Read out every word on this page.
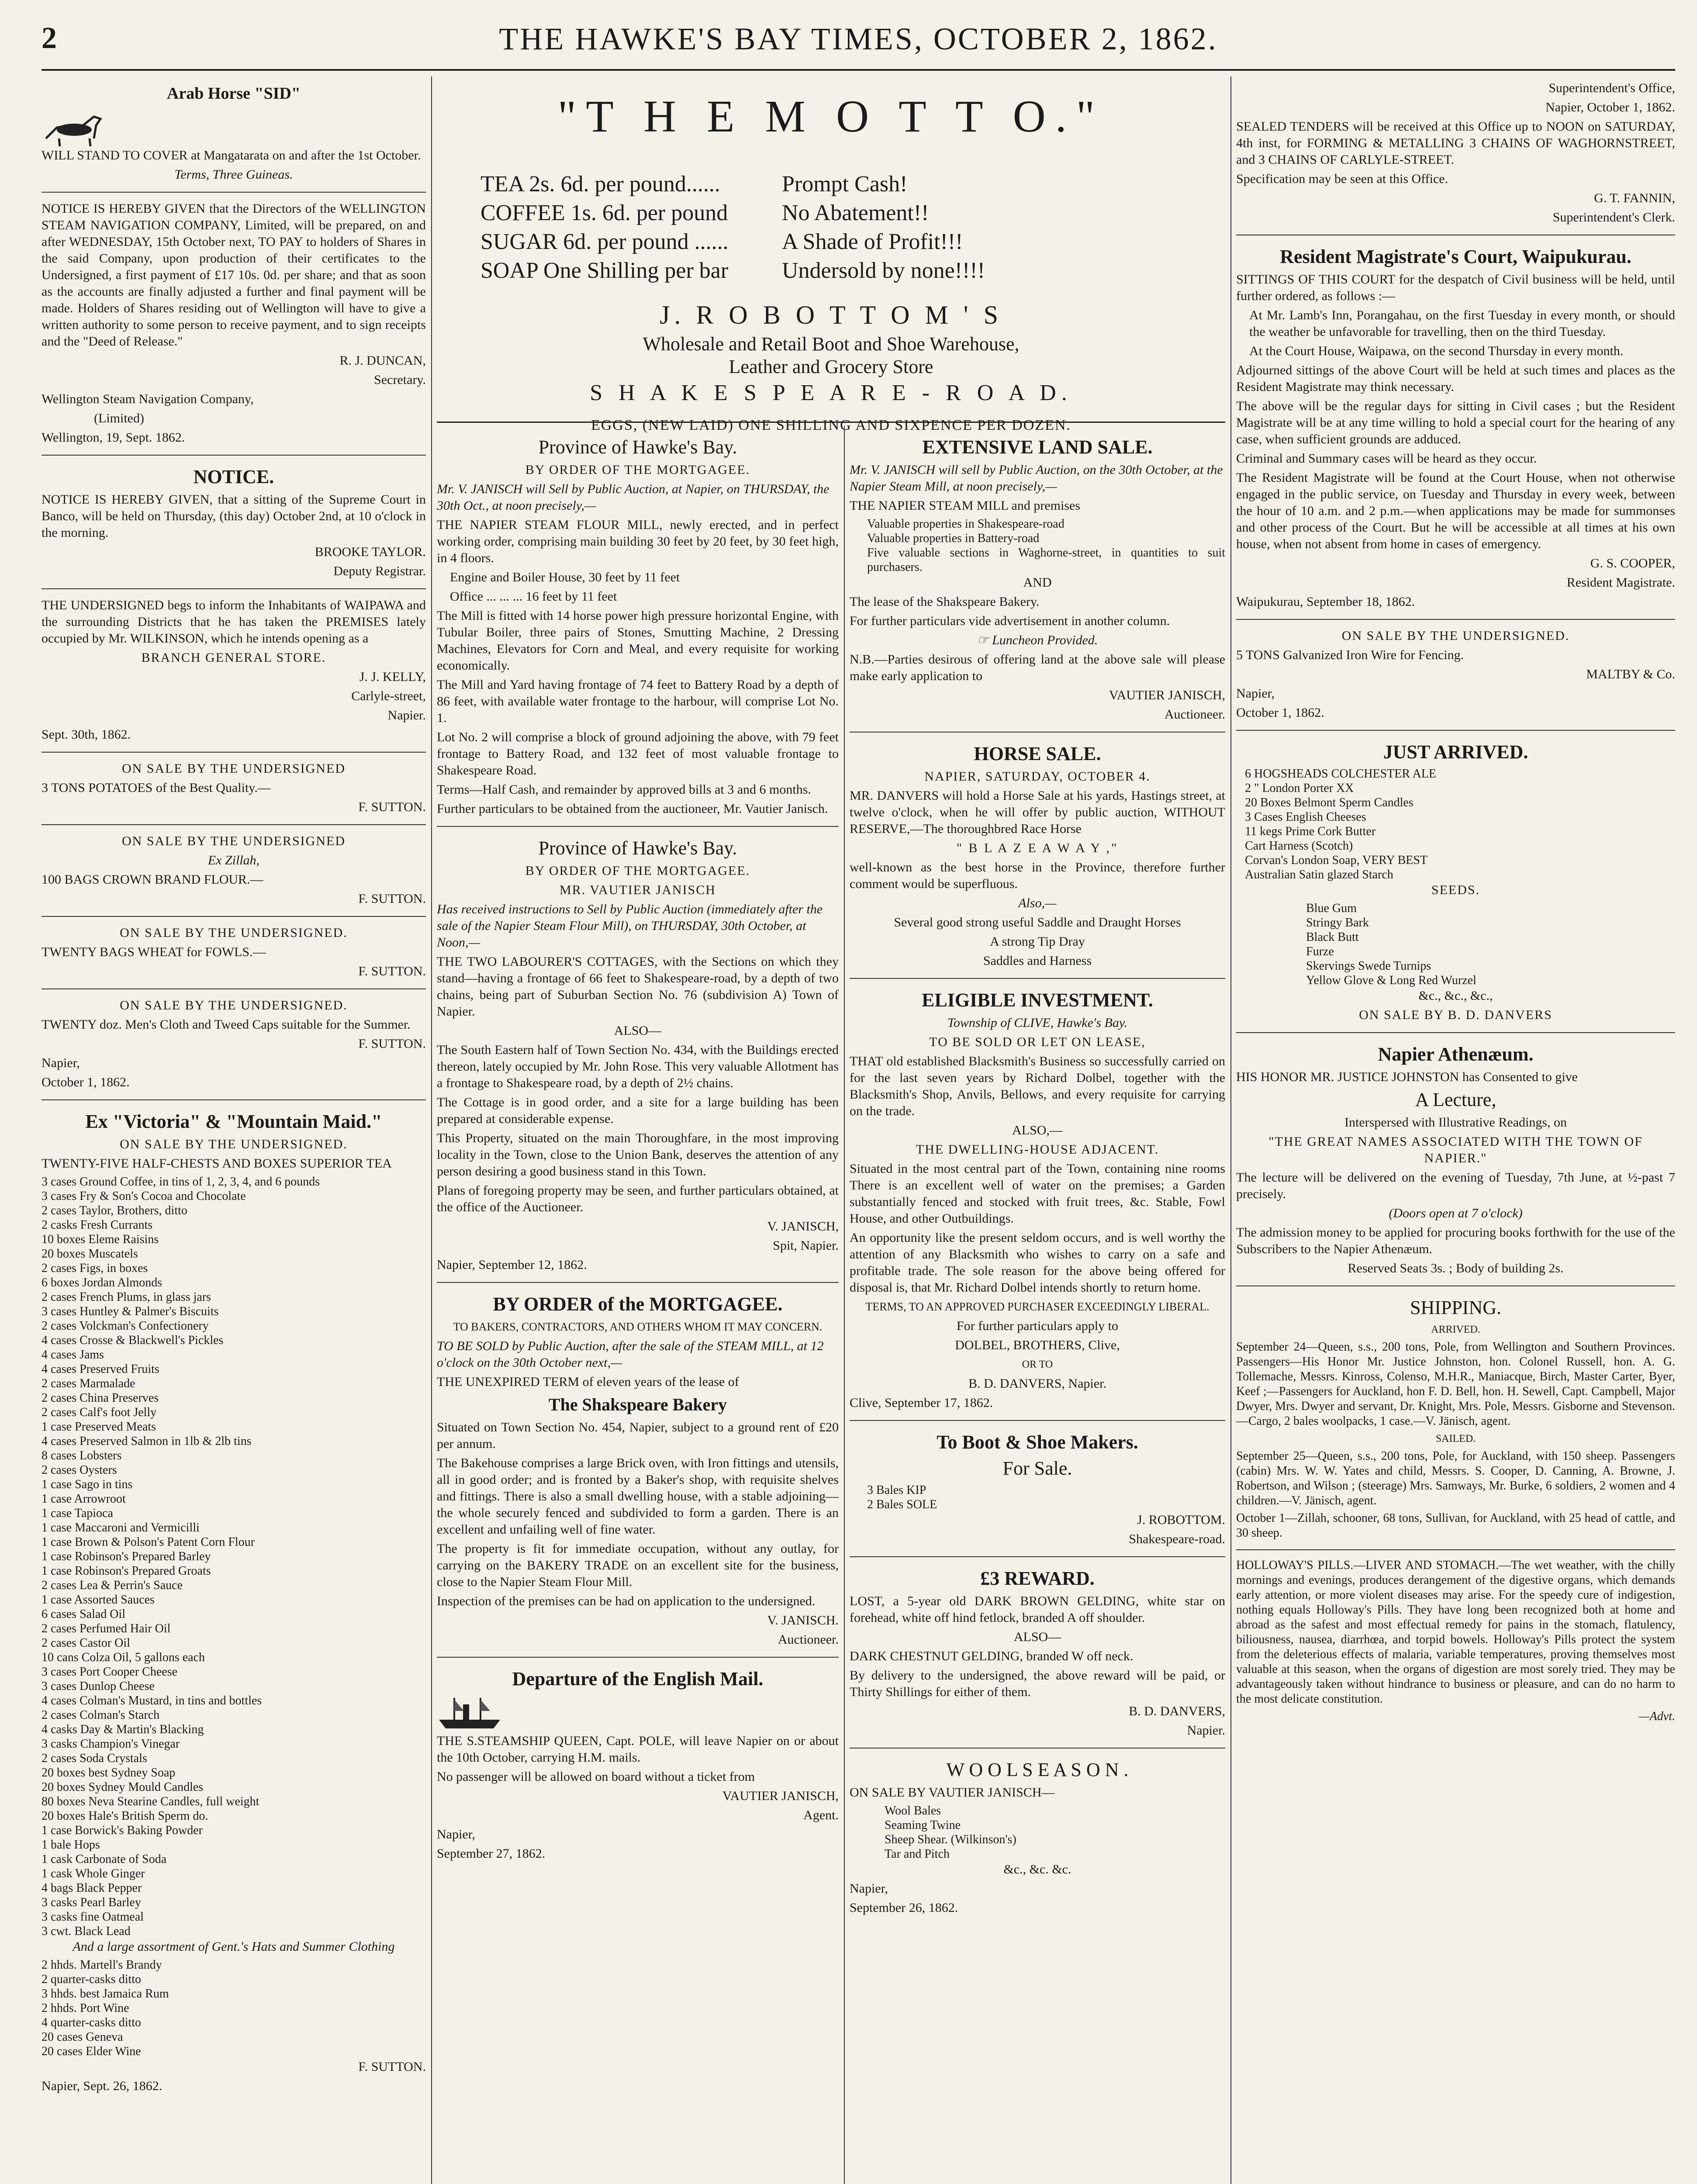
2	THE HAWKE'S BAY TIMES, OCTOBER 2, 1862.
Arab Horse "SID"

WILL STAND TO COVER at Mangatarata on and after the 1st October.

Terms, Three Guineas.

NOTICE IS HEREBY GIVEN that the Directors of the WELLINGTON STEAM NAVIGATION COMPANY, Limited, will be prepared, on and after WEDNESDAY, 15th October next, TO PAY to holders of Shares in the said Company, upon production of their certificates to the Undersigned, a first payment of £17 10s. 0d. per share; and that as soon as the accounts are finally adjusted a further and final payment will be made. Holders of Shares residing out of Wellington will have to give a written authority to some person to receive payment, and to sign receipts and the "Deed of Release."

R. J. DUNCAN,

Secretary.

Wellington Steam Navigation Company,

(Limited)

Wellington, 19, Sept. 1862.

NOTICE.

NOTICE IS HEREBY GIVEN, that a sitting of the Supreme Court in Banco, will be held on Thursday, (this day) October 2nd, at 10 o'clock in the morning.

BROOKE TAYLOR.

Deputy Registrar.

THE UNDERSIGNED begs to inform the Inhabitants of WAIPAWA and the surrounding Districts that he has taken the PREMISES lately occupied by Mr. WILKINSON, which he intends opening as a

BRANCH GENERAL STORE.

J. J. KELLY,

Carlyle-street,

Napier.

Sept. 30th, 1862.

ON SALE BY THE UNDERSIGNED

3 TONS POTATOES of the Best Quality.—

F. SUTTON.

ON SALE BY THE UNDERSIGNED

Ex Zillah,

100 BAGS CROWN BRAND FLOUR.—

F. SUTTON.

ON SALE BY THE UNDERSIGNED.

TWENTY BAGS WHEAT for FOWLS.—

F. SUTTON.

ON SALE BY THE UNDERSIGNED.

TWENTY doz. Men's Cloth and Tweed Caps suitable for the Summer.

F. SUTTON.

Napier,

October 1, 1862.

Ex "Victoria" & "Mountain Maid."

ON SALE BY THE UNDERSIGNED.

TWENTY-FIVE HALF-CHESTS AND BOXES SUPERIOR TEA

3 cases Ground Coffee, in tins of 1, 2, 3, 4, and 6 pounds
3 cases Fry & Son's Cocoa and Chocolate
2 cases Taylor, Brothers, ditto
2 casks Fresh Currants
10 boxes Eleme Raisins
20 boxes Muscatels
2 cases Figs, in boxes
6 boxes Jordan Almonds
2 cases French Plums, in glass jars
3 cases Huntley & Palmer's Biscuits
2 cases Volckman's Confectionery
4 cases Crosse & Blackwell's Pickles
4 cases Jams
4 cases Preserved Fruits
2 cases Marmalade
2 cases China Preserves
2 cases Calf's foot Jelly
1 case Preserved Meats
4 cases Preserved Salmon in 1lb & 2lb tins
8 cases Lobsters
2 cases Oysters
1 case Sago in tins
1 case Arrowroot
1 case Tapioca
1 case Maccaroni and Vermicilli
1 case Brown & Polson's Patent Corn Flour
1 case Robinson's Prepared Barley
1 case Robinson's Prepared Groats
2 cases Lea & Perrin's Sauce
1 case Assorted Sauces
6 cases Salad Oil
2 cases Perfumed Hair Oil
2 cases Castor Oil
10 cans Colza Oil, 5 gallons each
3 cases Port Cooper Cheese
3 cases Dunlop Cheese
4 cases Colman's Mustard, in tins and bottles
2 cases Colman's Starch
4 casks Day & Martin's Blacking
3 casks Champion's Vinegar
2 cases Soda Crystals
20 boxes best Sydney Soap
20 boxes Sydney Mould Candles
80 boxes Neva Stearine Candles, full weight
20 boxes Hale's British Sperm do.
1 case Borwick's Baking Powder
1 bale Hops
1 cask Carbonate of Soda
1 cask Whole Ginger
4 bags Black Pepper
3 casks Pearl Barley
3 casks fine Oatmeal
3 cwt. Black Lead

And a large assortment of Gent.'s Hats and Summer Clothing

2 hhds. Martell's Brandy
2 quarter-casks ditto
3 hhds. best Jamaica Rum
2 hhds. Port Wine
4 quarter-casks ditto
20 cases Geneva
20 cases Elder Wine

F. SUTTON.

Napier, Sept. 26, 1862.

"T H E M O T T O."
TEA 2s. 6d. per pound......	Prompt Cash!
COFFEE 1s. 6d. per pound	No Abatement!!
SUGAR 6d. per pound ......	A Shade of Profit!!!
SOAP One Shilling per bar	Undersold by none!!!!
J. R O B O T T O M ' S

Wholesale and Retail Boot and Shoe Warehouse,

Leather and Grocery Store

S H A K E S P E A R E - R O A D.

EGGS, (NEW LAID) ONE SHILLING AND SIXPENCE PER DOZEN.
Province of Hawke's Bay.

BY ORDER OF THE MORTGAGEE.

Mr. V. JANISCH will Sell by Public Auction, at Napier, on THURSDAY, the 30th Oct., at noon precisely,—

THE NAPIER STEAM FLOUR MILL, newly erected, and in perfect working order, comprising main building 30 feet by 20 feet, by 30 feet high, in 4 floors.

Engine and Boiler House, 30 feet by 11 feet

Office ... ... ... 16 feet by 11 feet

The Mill is fitted with 14 horse power high pressure horizontal Engine, with Tubular Boiler, three pairs of Stones, Smutting Machine, 2 Dressing Machines, Elevators for Corn and Meal, and every requisite for working economically.

The Mill and Yard having frontage of 74 feet to Battery Road by a depth of 86 feet, with available water frontage to the harbour, will comprise Lot No. 1.

Lot No. 2 will comprise a block of ground adjoining the above, with 79 feet frontage to Battery Road, and 132 feet of most valuable frontage to Shakespeare Road.

Terms—Half Cash, and remainder by approved bills at 3 and 6 months.

Further particulars to be obtained from the auctioneer, Mr. Vautier Janisch.

Province of Hawke's Bay.

BY ORDER OF THE MORTGAGEE.

MR. VAUTIER JANISCH

Has received instructions to Sell by Public Auction (immediately after the sale of the Napier Steam Flour Mill), on THURSDAY, 30th October, at Noon,—

THE TWO LABOURER'S COTTAGES, with the Sections on which they stand—having a frontage of 66 feet to Shakespeare-road, by a depth of two chains, being part of Suburban Section No. 76 (subdivision A) Town of Napier.

ALSO—

The South Eastern half of Town Section No. 434, with the Buildings erected thereon, lately occupied by Mr. John Rose. This very valuable Allotment has a frontage to Shakespeare road, by a depth of 2½ chains.

The Cottage is in good order, and a site for a large building has been prepared at considerable expense.

This Property, situated on the main Thoroughfare, in the most improving locality in the Town, close to the Union Bank, deserves the attention of any person desiring a good business stand in this Town.

Plans of foregoing property may be seen, and further particulars obtained, at the office of the Auctioneer.

V. JANISCH,

Spit, Napier.

Napier, September 12, 1862.

BY ORDER of the MORTGAGEE.

TO BAKERS, CONTRACTORS, AND OTHERS WHOM IT MAY CONCERN.

TO BE SOLD by Public Auction, after the sale of the STEAM MILL, at 12 o'clock on the 30th October next,—

THE UNEXPIRED TERM of eleven years of the lease of

The Shakspeare Bakery

Situated on Town Section No. 454, Napier, subject to a ground rent of £20 per annum.

The Bakehouse comprises a large Brick oven, with Iron fittings and utensils, all in good order; and is fronted by a Baker's shop, with requisite shelves and fittings. There is also a small dwelling house, with a stable adjoining—the whole securely fenced and subdivided to form a garden. There is an excellent and unfailing well of fine water.

The property is fit for immediate occupation, without any outlay, for carrying on the BAKERY TRADE on an excellent site for the business, close to the Napier Steam Flour Mill.

Inspection of the premises can be had on application to the undersigned.

V. JANISCH.

Auctioneer.

Departure of the English Mail.

THE S.STEAMSHIP QUEEN, Capt. POLE, will leave Napier on or about the 10th October, carrying H.M. mails.

No passenger will be allowed on board without a ticket from

VAUTIER JANISCH,

Agent.

Napier,

September 27, 1862.

EXTENSIVE LAND SALE.

Mr. V. JANISCH will sell by Public Auction, on the 30th October, at the Napier Steam Mill, at noon precisely,—

THE NAPIER STEAM MILL and premises

Valuable properties in Shakespeare-road
Valuable properties in Battery-road
Five valuable sections in Waghorne-street, in quantities to suit purchasers.

AND

The lease of the Shakspeare Bakery.

For further particulars vide advertisement in another column.

☞ Luncheon Provided.

N.B.—Parties desirous of offering land at the above sale will please make early application to

VAUTIER JANISCH,

Auctioneer.

HORSE SALE.

NAPIER, SATURDAY, OCTOBER 4.

MR. DANVERS will hold a Horse Sale at his yards, Hastings street, at twelve o'clock, when he will offer by public auction, WITHOUT RESERVE,—The thoroughbred Race Horse

" B L A Z E A W A Y ,"

well-known as the best horse in the Province, therefore further comment would be superfluous.

Also,—

Several good strong useful Saddle and Draught Horses

A strong Tip Dray

Saddles and Harness

ELIGIBLE INVESTMENT.

Township of CLIVE, Hawke's Bay.

TO BE SOLD OR LET ON LEASE,

THAT old established Blacksmith's Business so successfully carried on for the last seven years by Richard Dolbel, together with the Blacksmith's Shop, Anvils, Bellows, and every requisite for carrying on the trade.

ALSO,—

THE DWELLING-HOUSE ADJACENT.

Situated in the most central part of the Town, containing nine rooms There is an excellent well of water on the premises; a Garden substantially fenced and stocked with fruit trees, &c. Stable, Fowl House, and other Outbuildings.

An opportunity like the present seldom occurs, and is well worthy the attention of any Blacksmith who wishes to carry on a safe and profitable trade. The sole reason for the above being offered for disposal is, that Mr. Richard Dolbel intends shortly to return home.

TERMS, TO AN APPROVED PURCHASER EXCEEDINGLY LIBERAL.

For further particulars apply to

DOLBEL, BROTHERS, Clive,

OR TO

B. D. DANVERS, Napier.

Clive, September 17, 1862.

To Boot & Shoe Makers.
For Sale.
3 Bales KIP
2 Bales SOLE

J. ROBOTTOM.

Shakespeare-road.

£3 REWARD.

LOST, a 5-year old DARK BROWN GELDING, white star on forehead, white off hind fetlock, branded A off shoulder.

ALSO—

DARK CHESTNUT GELDING, branded W off neck.

By delivery to the undersigned, the above reward will be paid, or Thirty Shillings for either of them.

B. D. DANVERS,

Napier.

W O O L S E A S O N .

ON SALE BY VAUTIER JANISCH—

Wool Bales
Seaming Twine
Sheep Shear. (Wilkinson's)
Tar and Pitch

&c., &c. &c.

Napier,

September 26, 1862.

Superintendent's Office,

Napier, October 1, 1862.

SEALED TENDERS will be received at this Office up to NOON on SATURDAY, 4th inst, for FORMING & METALLING 3 CHAINS OF WAGHORNSTREET, and 3 CHAINS OF CARLYLE-STREET.

Specification may be seen at this Office.

G. T. FANNIN,

Superintendent's Clerk.

Resident Magistrate's Court, Waipukurau.

SITTINGS OF THIS COURT for the despatch of Civil business will be held, until further ordered, as follows :—

At Mr. Lamb's Inn, Porangahau, on the first Tuesday in every month, or should the weather be unfavorable for travelling, then on the third Tuesday.

At the Court House, Waipawa, on the second Thursday in every month.

Adjourned sittings of the above Court will be held at such times and places as the Resident Magistrate may think necessary.

The above will be the regular days for sitting in Civil cases ; but the Resident Magistrate will be at any time willing to hold a special court for the hearing of any case, when sufficient grounds are adduced.

Criminal and Summary cases will be heard as they occur.

The Resident Magistrate will be found at the Court House, when not otherwise engaged in the public service, on Tuesday and Thursday in every week, between the hour of 10 a.m. and 2 p.m.—when applications may be made for summonses and other process of the Court. But he will be accessible at all times at his own house, when not absent from home in cases of emergency.

G. S. COOPER,

Resident Magistrate.

Waipukurau, September 18, 1862.

ON SALE BY THE UNDERSIGNED.

5 TONS Galvanized Iron Wire for Fencing.

MALTBY & Co.

Napier,

October 1, 1862.

JUST ARRIVED.
6 HOGSHEADS COLCHESTER ALE
2 " London Porter XX
20 Boxes Belmont Sperm Candles
3 Cases English Cheeses
11 kegs Prime Cork Butter
Cart Harness (Scotch)
Corvan's London Soap, VERY BEST
Australian Satin glazed Starch

SEEDS.

Blue Gum
Stringy Bark
Black Butt
Furze
Skervings Swede Turnips
Yellow Glove & Long Red Wurzel

&c., &c., &c.,

ON SALE BY B. D. DANVERS

Napier Athenæum.

HIS HONOR MR. JUSTICE JOHNSTON has Consented to give

A Lecture,

Interspersed with Illustrative Readings, on

"THE GREAT NAMES ASSOCIATED WITH THE TOWN OF NAPIER."

The lecture will be delivered on the evening of Tuesday, 7th June, at ½-past 7 precisely.

(Doors open at 7 o'clock)

The admission money to be applied for procuring books forthwith for the use of the Subscribers to the Napier Athenæum.

Reserved Seats 3s. ; Body of building 2s.

SHIPPING.

ARRIVED.

September 24—Queen, s.s., 200 tons, Pole, from Wellington and Southern Provinces. Passengers—His Honor Mr. Justice Johnston, hon. Colonel Russell, hon. A. G. Tollemache, Messrs. Kinross, Colenso, M.H.R., Maniacque, Birch, Master Carter, Byer, Keef ;—Passengers for Auckland, hon F. D. Bell, hon. H. Sewell, Capt. Campbell, Major Dwyer, Mrs. Dwyer and servant, Dr. Knight, Mrs. Pole, Messrs. Gisborne and Stevenson.—Cargo, 2 bales woolpacks, 1 case.—V. Jänisch, agent.

SAILED.

September 25—Queen, s.s., 200 tons, Pole, for Auckland, with 150 sheep. Passengers (cabin) Mrs. W. W. Yates and child, Messrs. S. Cooper, D. Canning, A. Browne, J. Robertson, and Wilson ; (steerage) Mrs. Samways, Mr. Burke, 6 soldiers, 2 women and 4 children.—V. Jänisch, agent.

October 1—Zillah, schooner, 68 tons, Sullivan, for Auckland, with 25 head of cattle, and 30 sheep.

HOLLOWAY'S PILLS.—LIVER AND STOMACH.—The wet weather, with the chilly mornings and evenings, produces derangement of the digestive organs, which demands early attention, or more violent diseases may arise. For the speedy cure of indigestion, nothing equals Holloway's Pills. They have long been recognized both at home and abroad as the safest and most effectual remedy for pains in the stomach, flatulency, biliousness, nausea, diarrhœa, and torpid bowels. Holloway's Pills protect the system from the deleterious effects of malaria, variable temperatures, proving themselves most valuable at this season, when the organs of digestion are most sorely tried. They may be advantageously taken without hindrance to business or pleasure, and can do no harm to the most delicate constitution.

—Advt.
